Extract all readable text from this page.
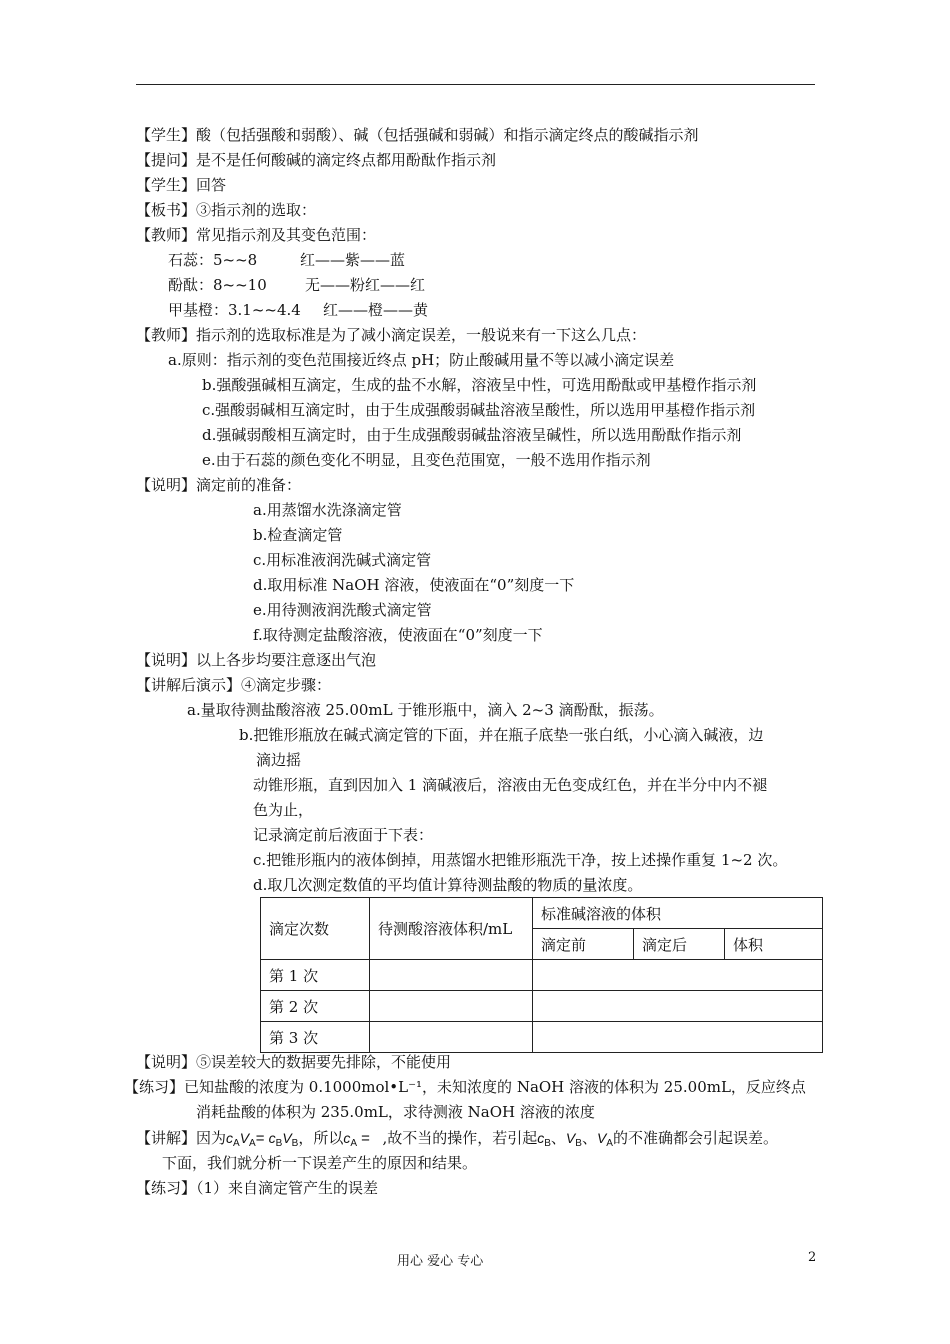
【学生】酸（包括强酸和弱酸）、碱（包括强碱和弱碱）和指示滴定终点的酸碱指示剂
【提问】是不是任何酸碱的滴定终点都用酚酞作指示剂
【学生】回答
【板书】③指示剂的选取：
【教师】常见指示剂及其变色范围：
石蕊：5~~8	红——紫——蓝
酚酞：8~~10	无——粉红——红
甲基橙：3.1~~4.4 红——橙——黄
【教师】指示剂的选取标准是为了减小滴定误差，一般说来有一下这么几点：
a.原则：指示剂的变色范围接近终点 pH；防止酸碱用量不等以减小滴定误差
b.强酸强碱相互滴定，生成的盐不水解，溶液呈中性，可选用酚酞或甲基橙作指示剂
c.强酸弱碱相互滴定时，由于生成强酸弱碱盐溶液呈酸性，所以选用甲基橙作指示剂
d.强碱弱酸相互滴定时，由于生成强酸弱碱盐溶液呈碱性，所以选用酚酞作指示剂
e.由于石蕊的颜色变化不明显，且变色范围宽，一般不选用作指示剂
【说明】滴定前的准备：
a.用蒸馏水洗涤滴定管
b.检查滴定管
c.用标准液润洗碱式滴定管
d.取用标准 NaOH 溶液，使液面在“0”刻度一下
e.用待测液润洗酸式滴定管
f.取待测定盐酸溶液，使液面在“0”刻度一下
【说明】以上各步均要注意逐出气泡
【讲解后演示】④滴定步骤：
a.量取待测盐酸溶液 25.00mL 于锥形瓶中，滴入 2~3 滴酚酞，振荡。
b.把锥形瓶放在碱式滴定管的下面，并在瓶子底垫一张白纸，小心滴入碱液，边
滴边摇
动锥形瓶，直到因加入 1 滴碱液后，溶液由无色变成红色，并在半分中内不褪
色为止，
记录滴定前后液面于下表：
c.把锥形瓶内的液体倒掉，用蒸馏水把锥形瓶洗干净，按上述操作重复 1~2 次。
d.取几次测定数值的平均值计算待测盐酸的物质的量浓度。
滴定次数	待测酸溶液体积/mL	标准碱溶液的体积		
		滴定前	滴定后	体积
第 1 次				
第 2 次				
第 3 次				
【说明】⑤误差较大的数据要先排除，不能使用
【练习】已知盐酸的浓度为 0.1000mol•L⁻¹，未知浓度的 NaOH 溶液的体积为 25.00mL，反应终点
消耗盐酸的体积为 235.0mL，求待测液 NaOH 溶液的浓度
【讲解】因为$c_AV_A= c_BV_B$，所以$c_A$ =   ,故不当的操作，若引起$c_B$、$V_B$、$V_A$的不准确都会引起误差。
下面，我们就分析一下误差产生的原因和结果。
【练习】（1）来自滴定管产生的误差
用心 爱心 专心	2
